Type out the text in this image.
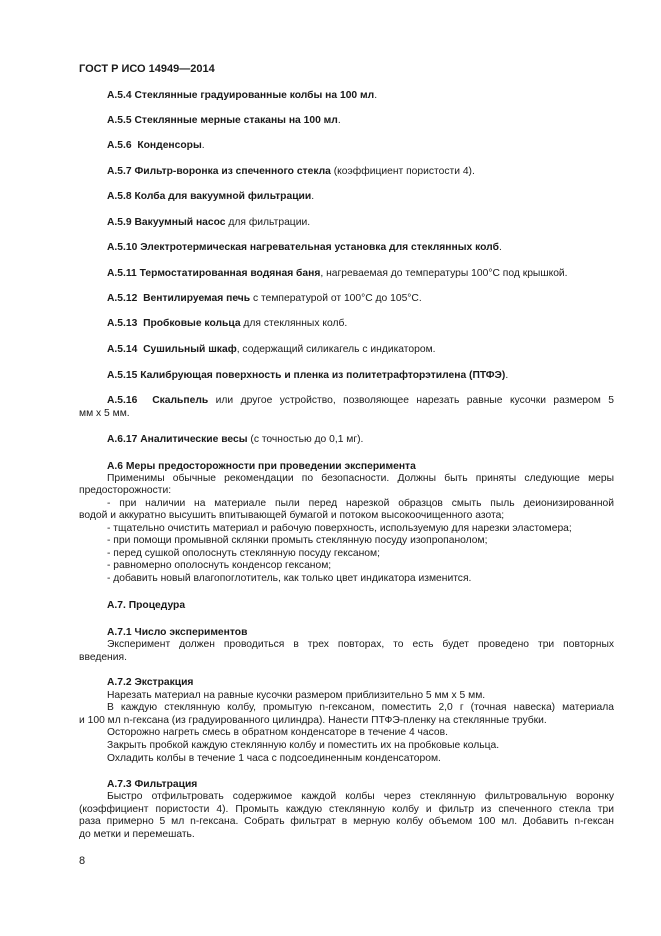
ГОСТ Р ИСО 14949—2014
А.5.4 Стеклянные градуированные колбы на 100 мл.
А.5.5 Стеклянные мерные стаканы на 100 мл.
А.5.6 Конденсоры.
А.5.7 Фильтр-воронка из спеченного стекла (коэффициент пористости 4).
А.5.8 Колба для вакуумной фильтрации.
А.5.9 Вакуумный насос для фильтрации.
А.5.10 Электротермическая нагревательная установка для стеклянных колб.
А.5.11 Термостатированная водяная баня, нагреваемая до температуры 100°С под крышкой.
А.5.12 Вентилируемая печь с температурой от 100°С до 105°С.
А.5.13 Пробковые кольца для стеклянных колб.
А.5.14 Сушильный шкаф, содержащий силикагель с индикатором.
А.5.15 Калибрующая поверхность и пленка из политетрафторэтилена (ПТФЭ).
А.5.16 Скальпель или другое устройство, позволяющее нарезать равные кусочки размером 5
мм х 5 мм.
А.6.17 Аналитические весы (с точностью до 0,1 мг).
А.6 Меры предосторожности при проведении эксперимента
Применимы обычные рекомендации по безопасности. Должны быть приняты следующие меры
предосторожности:
- при наличии на материале пыли перед нарезкой образцов смыть пыль деионизированной
водой и аккуратно высушить впитывающей бумагой и потоком высокоочищенного азота;
- тщательно очистить материал и рабочую поверхность, используемую для нарезки эластомера;
- при помощи промывной склянки промыть стеклянную посуду изопропанолом;
- перед сушкой ополоснуть стеклянную посуду гексаном;
- равномерно ополоснуть конденсор гексаном;
- добавить новый влагопоглотитель, как только цвет индикатора изменится.
А.7. Процедура
А.7.1 Число экспериментов
Эксперимент должен проводиться в трех повторах, то есть будет проведено три повторных
введения.
А.7.2 Экстракция
Нарезать материал на равные кусочки размером приблизительно 5 мм х 5 мм.
В каждую стеклянную колбу, промытую n-гексаном, поместить 2,0 г (точная навеска) материала
и 100 мл n-гексана (из градуированного цилиндра). Нанести ПТФЭ-пленку на стеклянные трубки.
Осторожно нагреть смесь в обратном конденсаторе в течение 4 часов.
Закрыть пробкой каждую стеклянную колбу и поместить их на пробковые кольца.
Охладить колбы в течение 1 часа с подсоединенным конденсатором.
А.7.3 Фильтрация
Быстро отфильтровать содержимое каждой колбы через стеклянную фильтровальную воронку
(коэффициент пористости 4). Промыть каждую стеклянную колбу и фильтр из спеченного стекла три
раза примерно 5 мл n-гексана. Собрать фильтрат в мерную колбу объемом 100 мл. Добавить n-гексан
до метки и перемешать.
8
